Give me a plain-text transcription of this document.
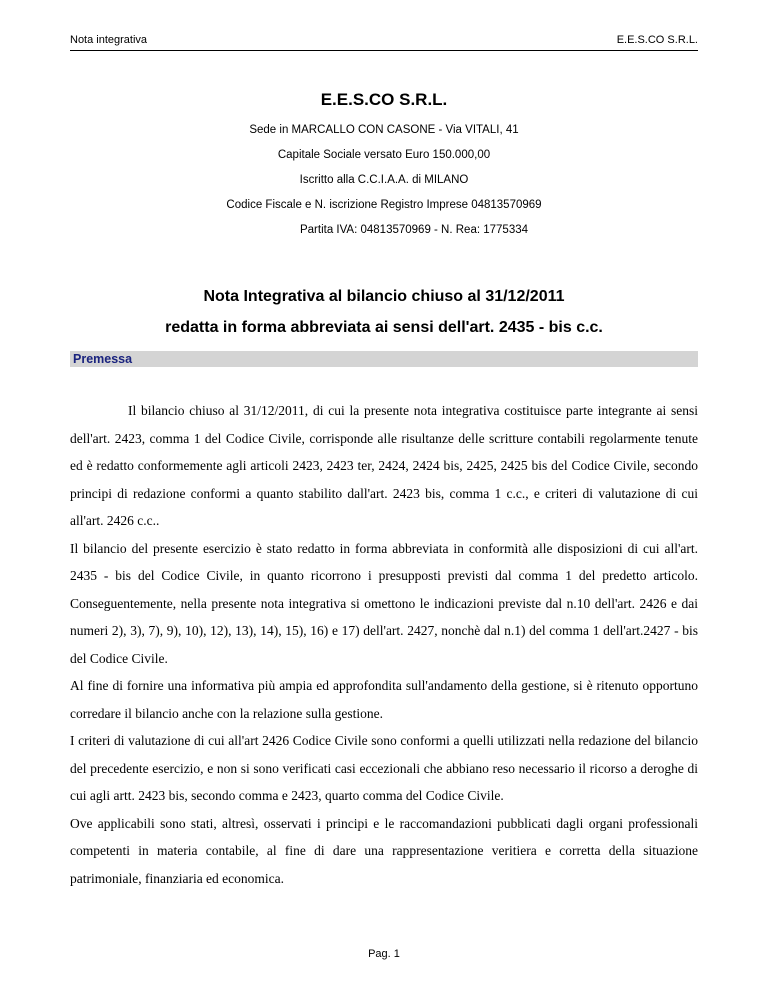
Nota integrativa	E.E.S.CO S.R.L.
E.E.S.CO S.R.L.
Sede in MARCALLO CON CASONE - Via VITALI, 41
Capitale Sociale versato Euro 150.000,00
Iscritto alla C.C.I.A.A. di MILANO
Codice Fiscale e N. iscrizione Registro Imprese 04813570969
Partita IVA: 04813570969 - N. Rea: 1775334
Nota Integrativa al bilancio chiuso al 31/12/2011
redatta in forma abbreviata ai sensi dell'art. 2435 - bis c.c.
Premessa

Il bilancio chiuso al 31/12/2011, di cui la presente nota integrativa costituisce parte integrante ai sensi dell'art. 2423, comma 1 del Codice Civile, corrisponde alle risultanze delle scritture contabili regolarmente tenute ed è redatto conformemente agli articoli 2423, 2423 ter, 2424, 2424 bis, 2425, 2425 bis del Codice Civile, secondo principi di redazione conformi a quanto stabilito dall'art. 2423 bis, comma 1 c.c., e criteri di valutazione di cui all'art. 2426 c.c..

Il bilancio del presente esercizio è stato redatto in forma abbreviata in conformità alle disposizioni di cui all'art. 2435 - bis del Codice Civile, in quanto ricorrono i presupposti previsti dal comma 1 del predetto articolo. Conseguentemente, nella presente nota integrativa si omettono le indicazioni previste dal n.10 dell'art. 2426 e dai numeri 2), 3), 7), 9), 10), 12), 13), 14), 15), 16) e 17) dell'art. 2427, nonchè dal n.1) del comma 1 dell'art.2427 - bis del Codice Civile.

Al fine di fornire una informativa più ampia ed approfondita sull'andamento della gestione, si è ritenuto opportuno corredare il bilancio anche con la relazione sulla gestione.

I criteri di valutazione di cui all'art 2426 Codice Civile sono conformi a quelli utilizzati nella redazione del bilancio del precedente esercizio, e non si sono verificati casi eccezionali che abbiano reso necessario il ricorso a deroghe di cui agli artt. 2423 bis, secondo comma e 2423, quarto comma del Codice Civile.

Ove applicabili sono stati, altresì, osservati i principi e le raccomandazioni pubblicati dagli organi professionali competenti in materia contabile, al fine di dare una rappresentazione veritiera e corretta della situazione patrimoniale, finanziaria ed economica.

Pag. 1
